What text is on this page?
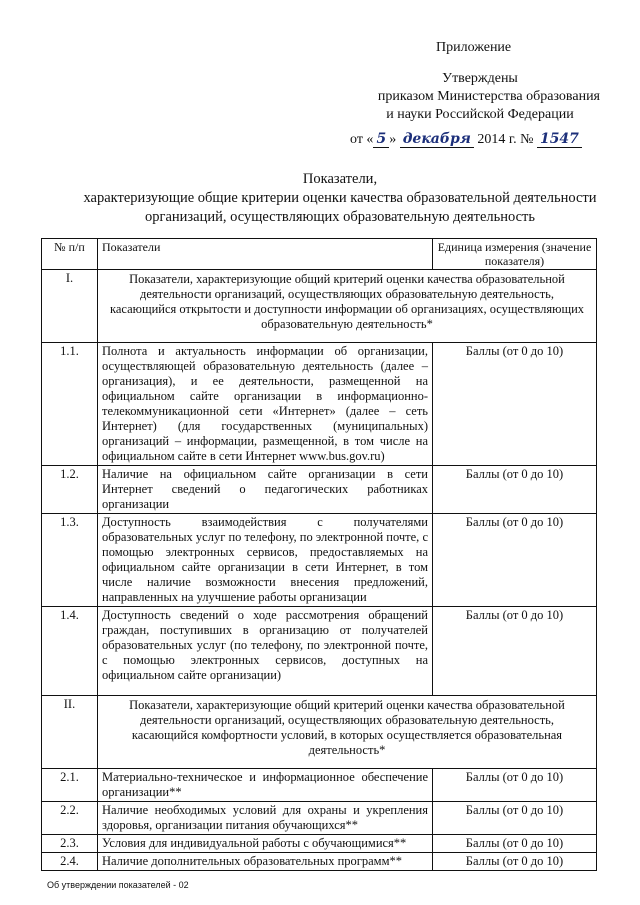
Приложение
Утверждены
приказом Министерства образования
и науки Российской Федерации
от « 5 » декабря 2014 г. № 1547
Показатели,
характеризующие общие критерии оценки качества образовательной деятельности
организаций, осуществляющих образовательную деятельность
№ п/п	Показатели	Единица измерения (значение показателя)
I.	Показатели, характеризующие общий критерий оценки качества образовательной деятельности организаций, осуществляющих образовательную деятельность, касающийся открытости и доступности информации об организациях, осуществляющих образовательную деятельность*	
1.1.	Полнота и актуальность информации об организации, осуществляющей образовательную деятельность (далее – организация), и ее деятельности, размещенной на официальном сайте организации в информационно-телекоммуникационной сети «Интернет» (далее – сеть Интернет) (для государственных (муниципальных) организаций – информации, размещенной, в том числе на официальном сайте в сети Интернет www.bus.gov.ru)	Баллы (от 0 до 10)
1.2.	Наличие на официальном сайте организации в сети Интернет сведений о педагогических работниках организации	Баллы (от 0 до 10)
1.3.	Доступность взаимодействия с получателями образовательных услуг по телефону, по электронной почте, с помощью электронных сервисов, предоставляемых на официальном сайте организации в сети Интернет, в том числе наличие возможности внесения предложений, направленных на улучшение работы организации	Баллы (от 0 до 10)
1.4.	Доступность сведений о ходе рассмотрения обращений граждан, поступивших в организацию от получателей образовательных услуг (по телефону, по электронной почте, с помощью электронных сервисов, доступных на официальном сайте организации)	Баллы (от 0 до 10)
II.	Показатели, характеризующие общий критерий оценки качества образовательной деятельности организаций, осуществляющих образовательную деятельность, касающийся комфортности условий, в которых осуществляется образовательная деятельность*	
2.1.	Материально-техническое и информационное обеспечение организации**	Баллы (от 0 до 10)
2.2.	Наличие необходимых условий для охраны и укрепления здоровья, организации питания обучающихся**	Баллы (от 0 до 10)
2.3.	Условия для индивидуальной работы с обучающимися**	Баллы (от 0 до 10)
2.4.	Наличие дополнительных образовательных программ**	Баллы (от 0 до 10)
Об утверждении показателей - 02
